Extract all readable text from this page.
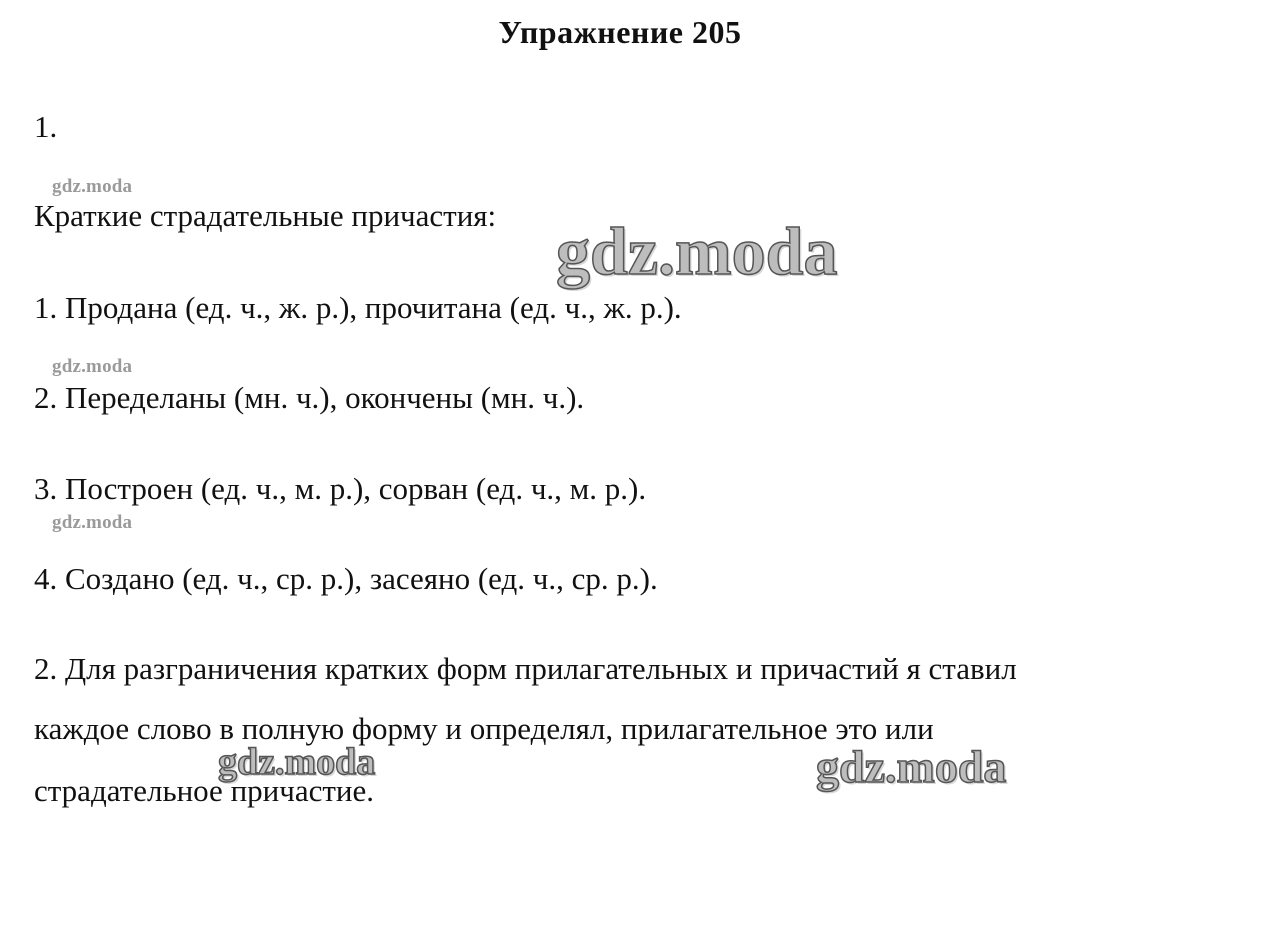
Упражнение 205
1.
gdz.moda
Краткие страдательные причастия: gdz.moda
1. Продана (ед. ч., ж. р.), прочитана (ед. ч., ж. р.).
gdz.moda
2. Переделаны (мн. ч.), окончены (мн. ч.).
3. Построен (ед. ч., м. р.), сорван (ед. ч., м. р.).
gdz.moda
4. Создано (ед. ч., ср. р.), засеяно (ед. ч., ср. р.).
2. Для разграничения кратких форм прилагательных и причастий я ставил
каждое слово в полную форму и определял, прилагательное это или
gdz.moda	gdz.moda
страдательное причастие.
